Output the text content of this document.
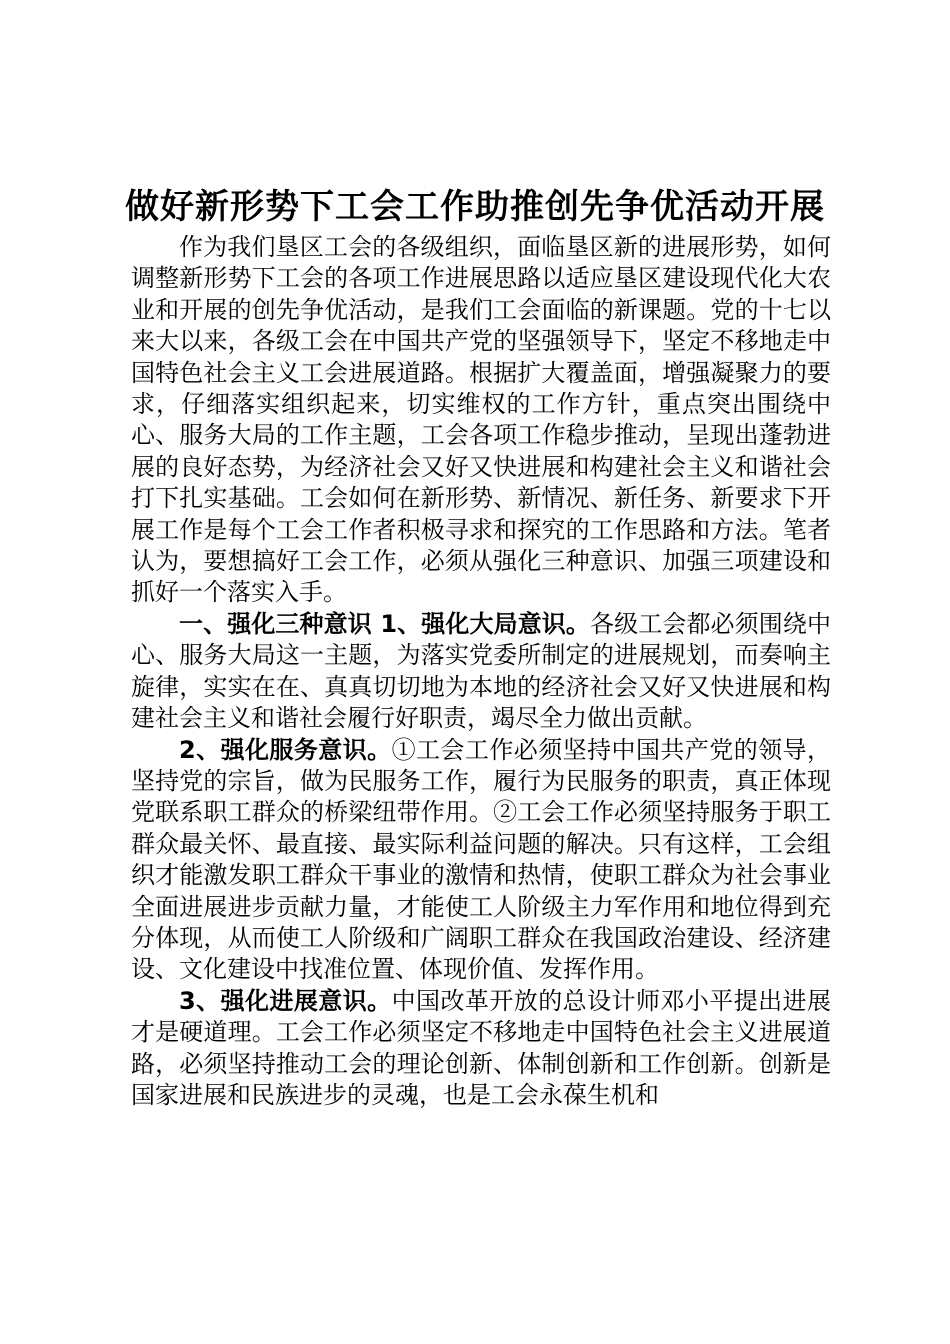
做好新形势下工会工作助推创先争优活动开展

作为我们垦区工会的各级组织，面临垦区新的进展形势，如何调整新形势下工会的各项工作进展思路以适应垦区建设现代化大农业和开展的创先争优活动，是我们工会面临的新课题。党的十七以来大以来，各级工会在中国共产党的坚强领导下，坚定不移地走中国特色社会主义工会进展道路。根据扩大覆盖面，增强凝聚力的要求，仔细落实组织起来，切实维权的工作方针，重点突出围绕中心、服务大局的工作主题，工会各项工作稳步推动，呈现出蓬勃进展的良好态势，为经济社会又好又快进展和构建社会主义和谐社会打下扎实基础。工会如何在新形势、新情况、新任务、新要求下开展工作是每个工会工作者积极寻求和探究的工作思路和方法。笔者认为，要想搞好工会工作，必须从强化三种意识、加强三项建设和抓好一个落实入手。

一、强化三种意识 1、强化大局意识。各级工会都必须围绕中心、服务大局这一主题，为落实党委所制定的进展规划，而奏响主旋律，实实在在、真真切切地为本地的经济社会又好又快进展和构建社会主义和谐社会履行好职责，竭尽全力做出贡献。

2、强化服务意识。①工会工作必须坚持中国共产党的领导，坚持党的宗旨，做为民服务工作，履行为民服务的职责，真正体现党联系职工群众的桥梁纽带作用。②工会工作必须坚持服务于职工群众最关怀、最直接、最实际利益问题的解决。只有这样，工会组织才能激发职工群众干事业的激情和热情，使职工群众为社会事业全面进展进步贡献力量，才能使工人阶级主力军作用和地位得到充分体现，从而使工人阶级和广阔职工群众在我国政治建设、经济建设、文化建设中找准位置、体现价值、发挥作用。

3、强化进展意识。中国改革开放的总设计师邓小平提出进展才是硬道理。工会工作必须坚定不移地走中国特色社会主义进展道路，必须坚持推动工会的理论创新、体制创新和工作创新。创新是国家进展和民族进步的灵魂，也是工会永葆生机和
